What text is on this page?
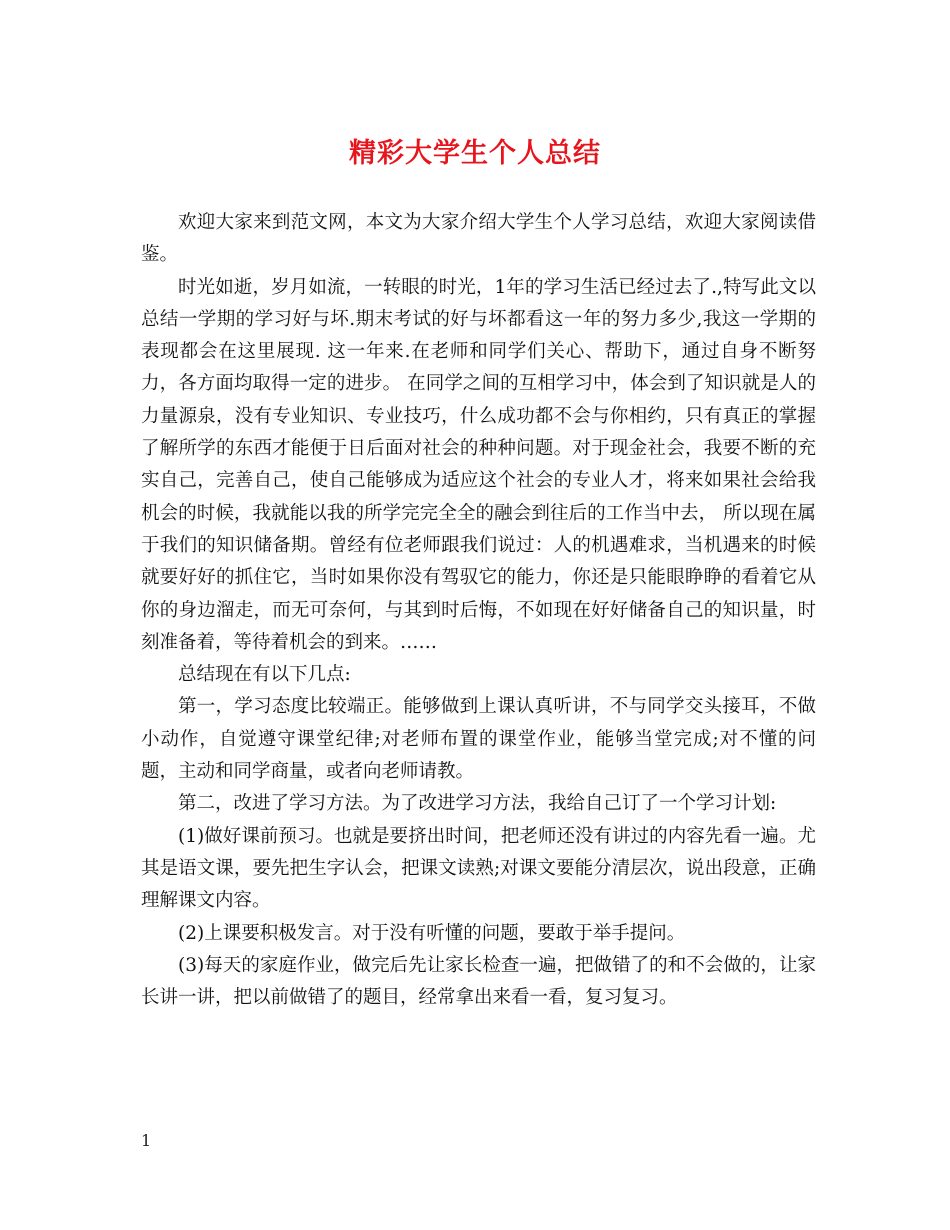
精彩大学生个人总结

欢迎大家来到范文网，本文为大家介绍大学生个人学习总结，欢迎大家阅读借鉴。

时光如逝，岁月如流，一转眼的时光，1年的学习生活已经过去了.,特写此文以总结一学期的学习好与坏.期末考试的好与坏都看这一年的努力多少,我这一学期的表现都会在这里展现. 这一年来.在老师和同学们关心、帮助下，通过自身不断努力，各方面均取得一定的进步。 在同学之间的互相学习中，体会到了知识就是人的力量源泉，没有专业知识、专业技巧，什么成功都不会与你相约，只有真正的掌握了解所学的东西才能便于日后面对社会的种种问题。对于现金社会，我要不断的充实自己，完善自己，使自己能够成为适应这个社会的专业人才，将来如果社会给我机会的时候，我就能以我的所学完完全全的融会到往后的工作当中去， 所以现在属于我们的知识储备期。曾经有位老师跟我们说过：人的机遇难求，当机遇来的时候就要好好的抓住它，当时如果你没有驾驭它的能力，你还是只能眼睁睁的看着它从你的身边溜走，而无可奈何，与其到时后悔，不如现在好好储备自己的知识量，时刻准备着，等待着机会的到来。……

总结现在有以下几点:

第一，学习态度比较端正。能够做到上课认真听讲，不与同学交头接耳，不做小动作，自觉遵守课堂纪律;对老师布置的课堂作业，能够当堂完成;对不懂的问题，主动和同学商量，或者向老师请教。

第二，改进了学习方法。为了改进学习方法，我给自己订了一个学习计划:

(1)做好课前预习。也就是要挤出时间，把老师还没有讲过的内容先看一遍。尤其是语文课，要先把生字认会，把课文读熟;对课文要能分清层次，说出段意，正确理解课文内容。

(2)上课要积极发言。对于没有听懂的问题，要敢于举手提问。

(3)每天的家庭作业，做完后先让家长检查一遍，把做错了的和不会做的，让家长讲一讲，把以前做错了的题目，经常拿出来看一看，复习复习。

1
